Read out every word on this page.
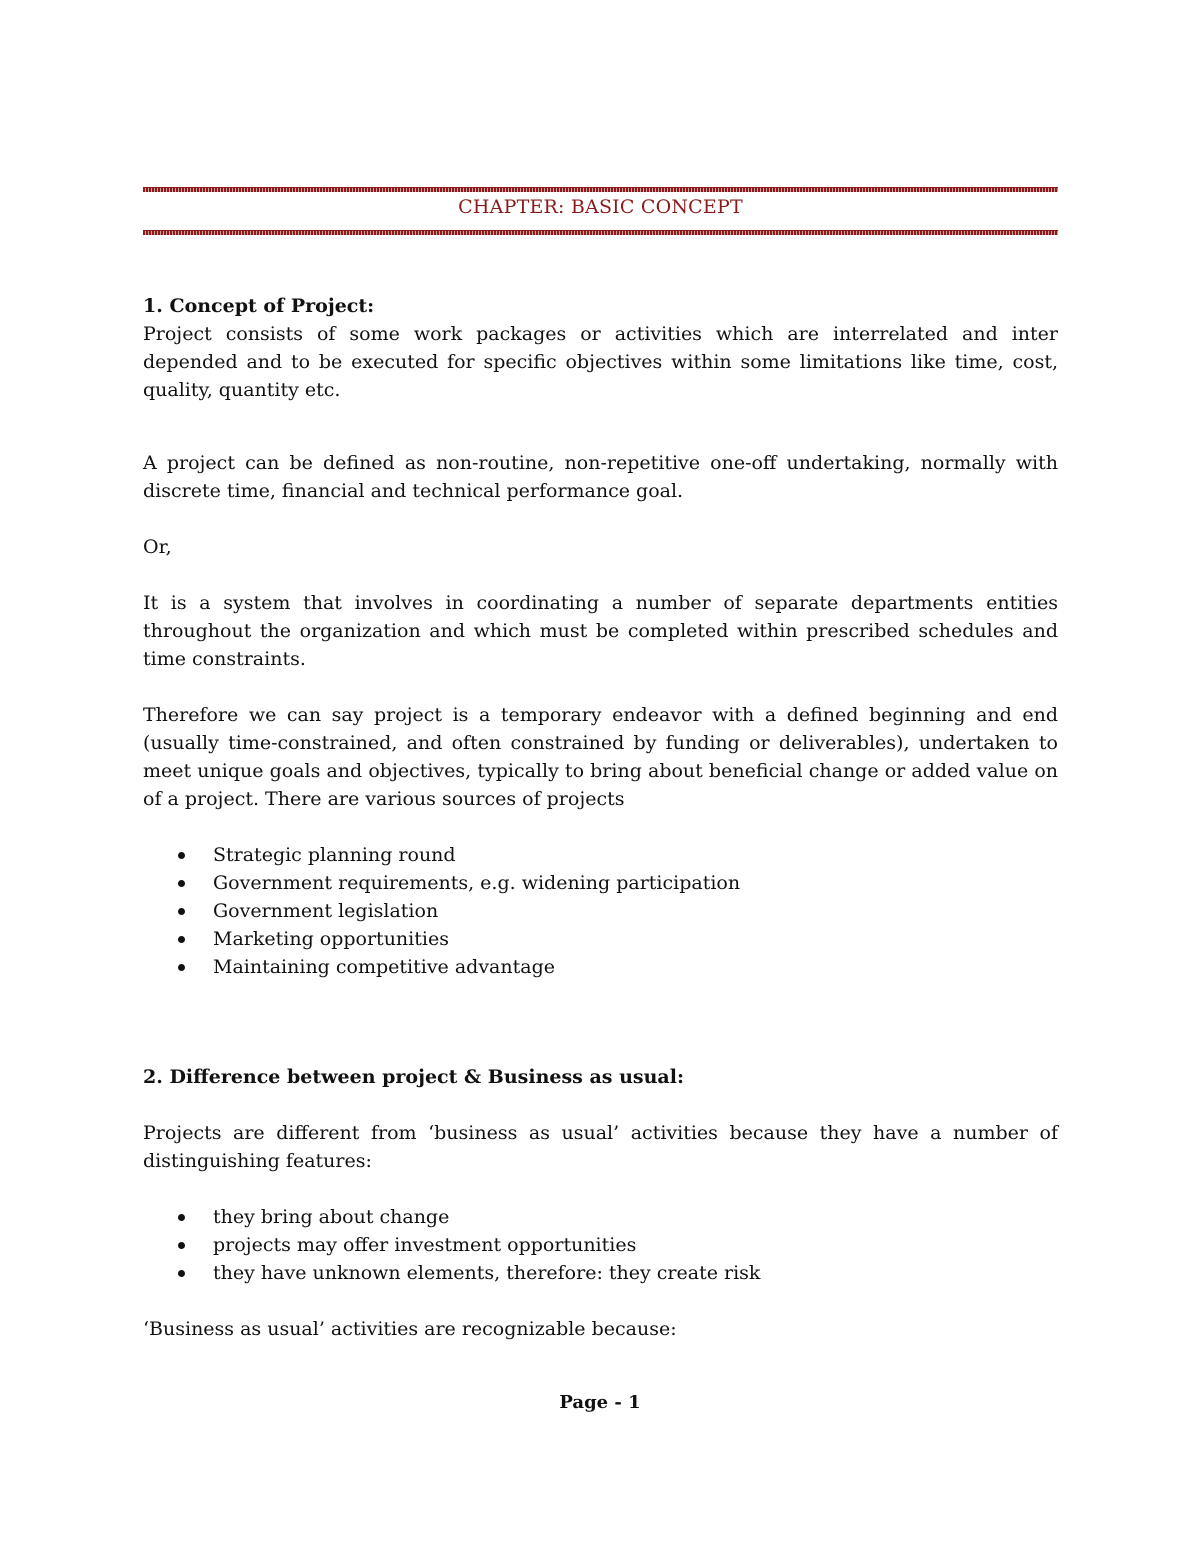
CHAPTER: BASIC CONCEPT

1. Concept of Project:

Project consists of some work packages or activities which are interrelated and inter depended and to be executed for specific objectives within some limitations like time, cost, quality, quantity etc.

A project can be defined as non-routine, non-repetitive one-off undertaking, normally with discrete time, financial and technical performance goal.

Or,

It is a system that involves in coordinating a number of separate departments entities throughout the organization and which must be completed within prescribed schedules and time constraints.

Therefore we can say project is a temporary endeavor with a defined beginning and end (usually time-constrained, and often constrained by funding or deliverables), undertaken to meet unique goals and objectives, typically to bring about beneficial change or added value on of a project. There are various sources of projects

Strategic planning round
Government requirements, e.g. widening participation
Government legislation
Marketing opportunities
Maintaining competitive advantage

2. Difference between project & Business as usual:

Projects are different from ‘business as usual’ activities because they have a number of distinguishing features:

they bring about change
projects may offer investment opportunities
they have unknown elements, therefore: they create risk

‘Business as usual’ activities are recognizable because:

Page - 1
